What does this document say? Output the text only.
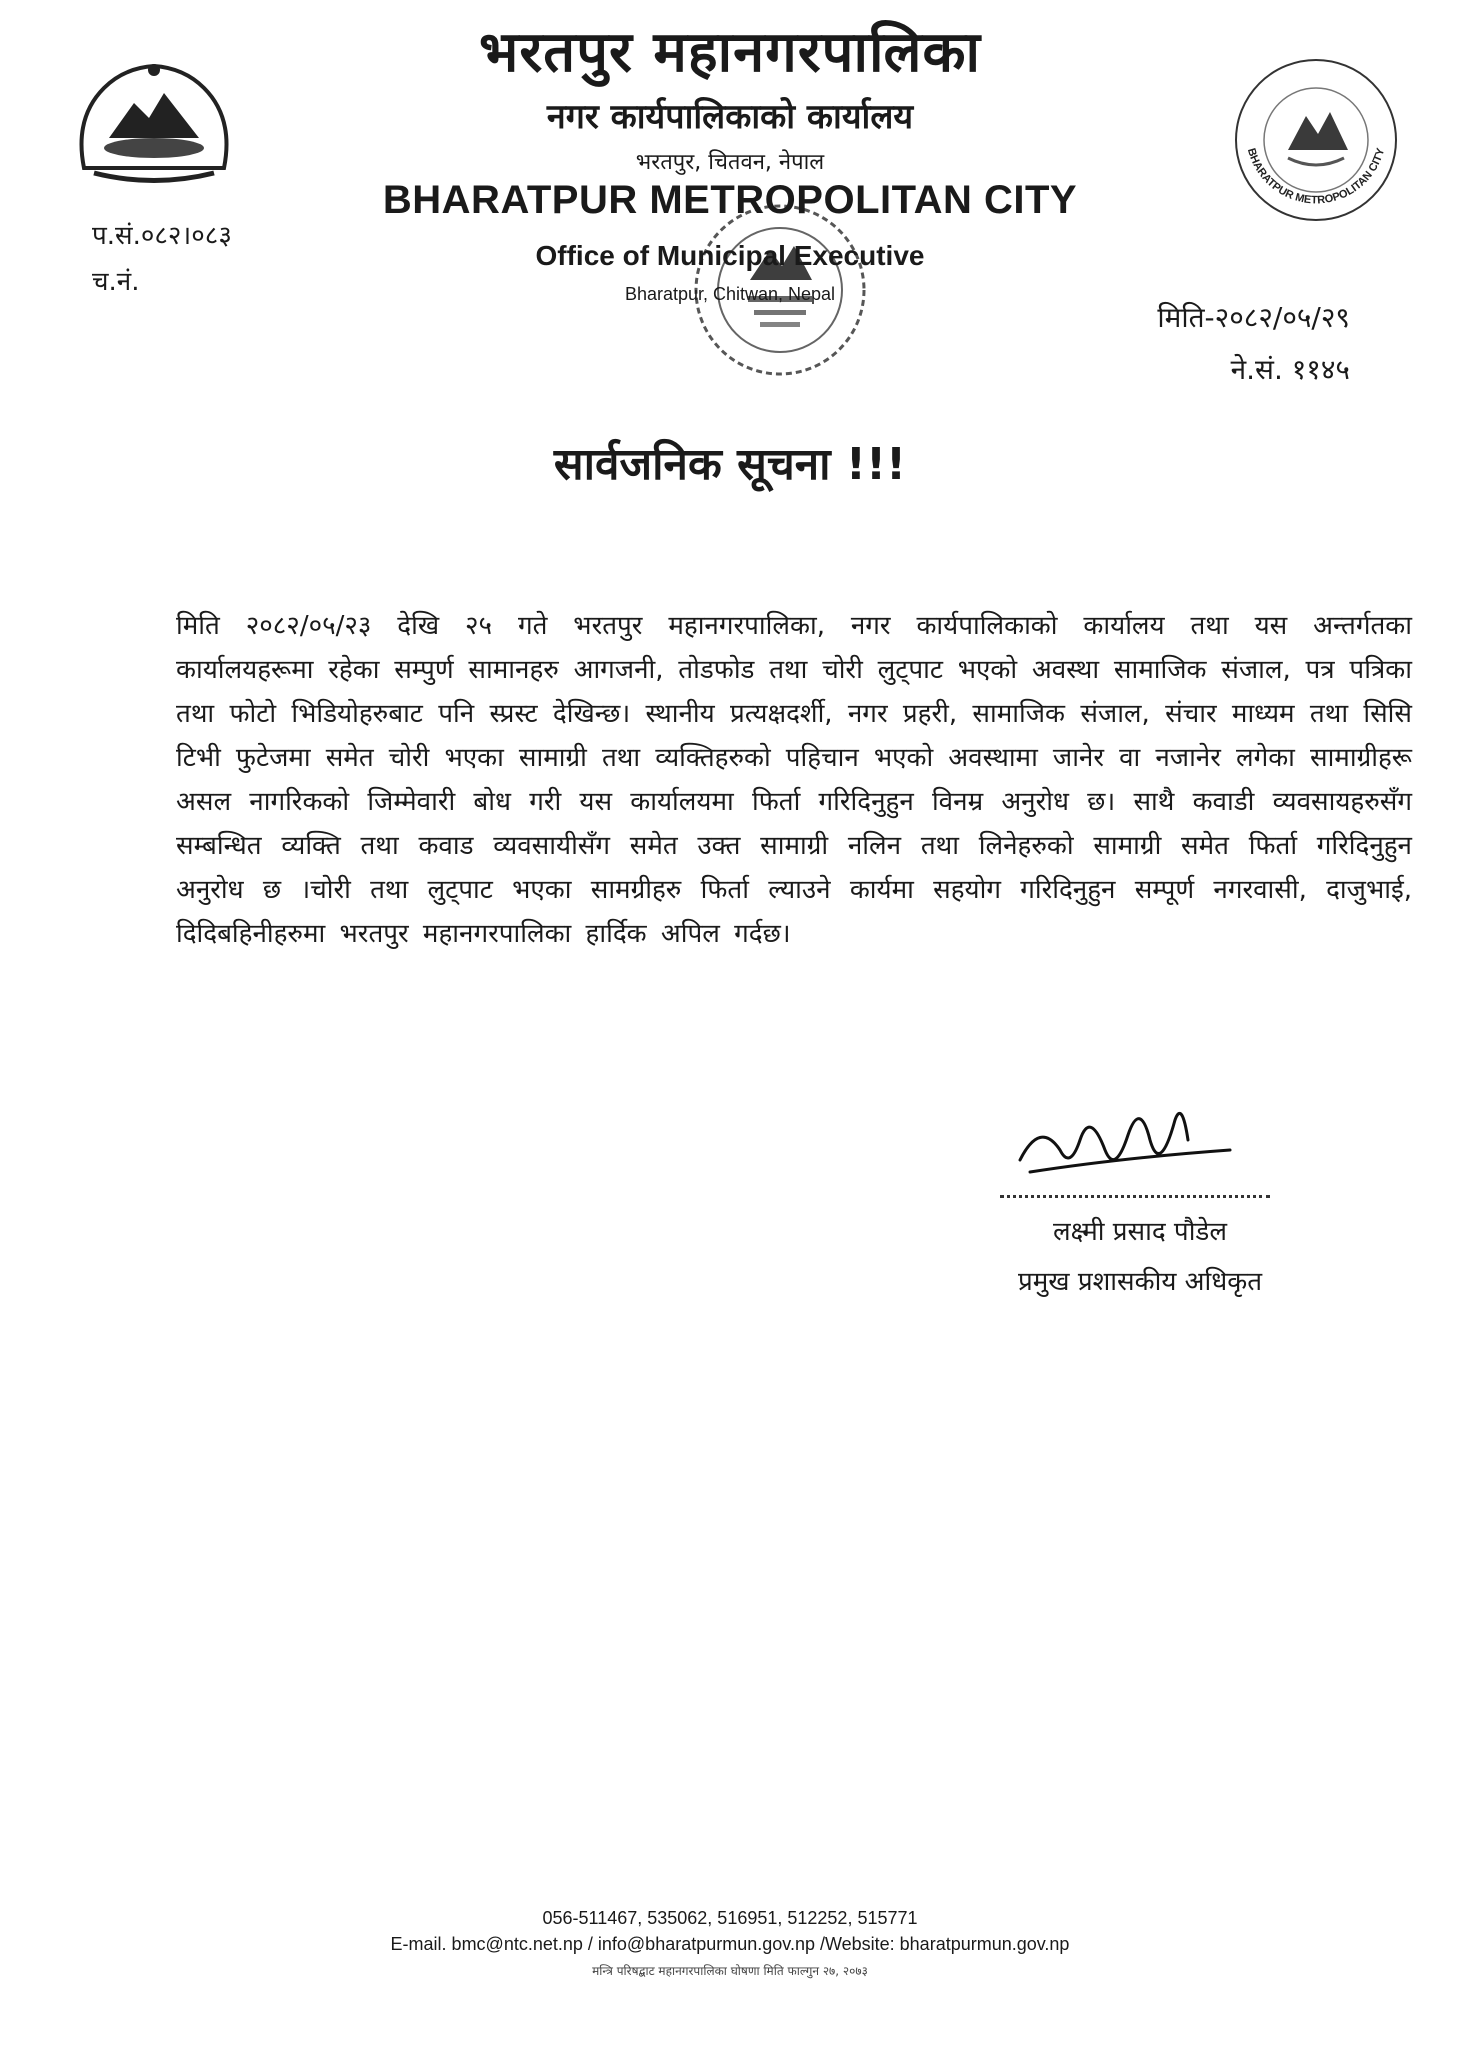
BHARATPUR METROPOLITAN CITY
भरतपुर महानगरपालिका
नगर कार्यपालिकाको कार्यालय
भरतपुर, चितवन, नेपाल
BHARATPUR METROPOLITAN CITY
Office of Municipal Executive
Bharatpur, Chitwan, Nepal
प.सं.०८२।०८३
च.नं.
मिति-२०८२/०५/२९
ने.सं. ११४५
सार्वजनिक सूचना !!!
मिति २०८२/०५/२३ देखि २५ गते भरतपुर महानगरपालिका, नगर कार्यपालिकाको कार्यालय तथा यस अन्तर्गतका कार्यालयहरूमा रहेका सम्पुर्ण सामानहरु आगजनी, तोडफोड तथा चोरी लुट्पाट भएको अवस्था सामाजिक संजाल, पत्र पत्रिका तथा फोटो भिडियोहरुबाट पनि स्प्रस्ट देखिन्छ। स्थानीय प्रत्यक्षदर्शी, नगर प्रहरी, सामाजिक संजाल, संचार माध्यम तथा सिसि टिभी फुटेजमा समेत चोरी भएका सामाग्री तथा व्यक्तिहरुको पहिचान भएको अवस्थामा जानेर वा नजानेर लगेका सामाग्रीहरू असल नागरिकको जिम्मेवारी बोध गरी यस कार्यालयमा फिर्ता गरिदिनुहुन विनम्र अनुरोध छ। साथै कवाडी व्यवसायहरुसँग सम्बन्धित व्यक्ति तथा कवाड व्यवसायीसँग समेत उक्त सामाग्री नलिन तथा लिनेहरुको सामाग्री समेत फिर्ता गरिदिनुहुन अनुरोध छ ।चोरी तथा लुट्पाट भएका सामग्रीहरु फिर्ता ल्याउने कार्यमा सहयोग गरिदिनुहुन सम्पूर्ण नगरवासी, दाजुभाई, दिदिबहिनीहरुमा भरतपुर महानगरपालिका हार्दिक अपिल गर्दछ।
लक्ष्मी प्रसाद पौडेल
प्रमुख प्रशासकीय अधिकृत
056-511467, 535062, 516951, 512252, 515771
E-mail. bmc@ntc.net.np / info@bharatpurmun.gov.np /Website: bharatpurmun.gov.np
मन्त्रि परिषद्बाट महानगरपालिका घोषणा मिति फाल्गुन २७, २०७३
